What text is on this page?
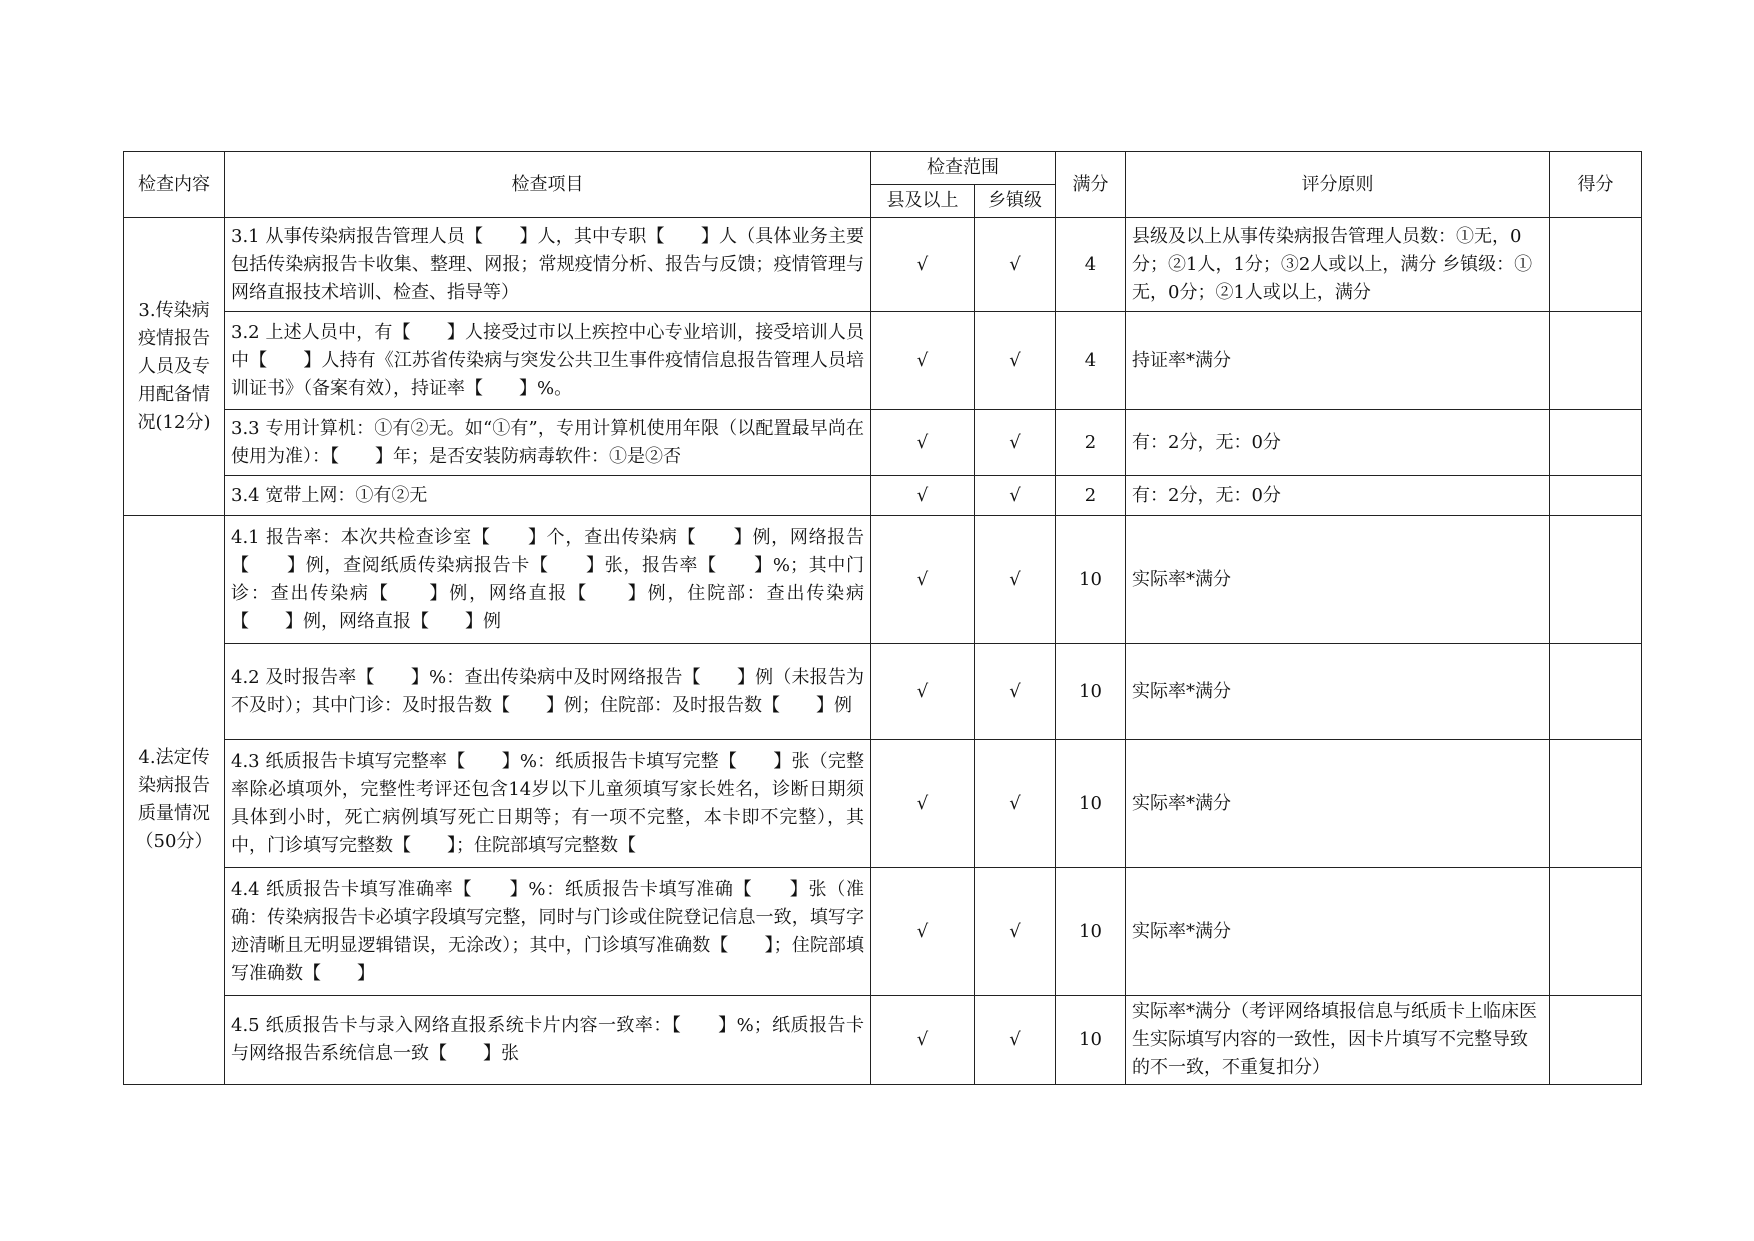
检查内容	检查项目	检查范围		满分	评分原则	得分
		县及以上	乡镇级			
3.传染病疫情报告人员及专用配备情况(12分)	3.1 从事传染病报告管理人员【　　】人，其中专职【　　】人（具体业务主要包括传染病报告卡收集、整理、网报；常规疫情分析、报告与反馈；疫情管理与网络直报技术培训、检查、指导等）	√	√	4	县级及以上从事传染病报告管理人员数：①无，0分；②1人，1分；③2人或以上，满分 乡镇级：①无，0分；②1人或以上，满分	
	3.2 上述人员中，有【　　】人接受过市以上疾控中心专业培训，接受培训人员中【　　】人持有《江苏省传染病与突发公共卫生事件疫情信息报告管理人员培训证书》（备案有效），持证率【　　】%。	√	√	4	持证率*满分	
	3.3 专用计算机：①有②无。如“①有”，专用计算机使用年限（以配置最早尚在使用为准）：【　　】年；是否安装防病毒软件：①是②否	√	√	2	有：2分，无：0分	
	3.4 宽带上网：①有②无	√	√	2	有：2分，无：0分	
4.法定传染病报告质量情况（50分）	4.1 报告率：本次共检查诊室【　　】个，查出传染病【　　】例，网络报告【　　】例，查阅纸质传染病报告卡【　　】张，报告率【　　】%；其中门诊：查出传染病【　　】例，网络直报【　　】例，住院部：查出传染病【　　】例，网络直报【　　】例	√	√	10	实际率*满分	
	4.2 及时报告率【　　】%：查出传染病中及时网络报告【　　】例（未报告为不及时）；其中门诊：及时报告数【　　】例；住院部：及时报告数【　　】例	√	√	10	实际率*满分	
	4.3 纸质报告卡填写完整率【　　】%：纸质报告卡填写完整【　　】张（完整率除必填项外，完整性考评还包含14岁以下儿童须填写家长姓名，诊断日期须具体到小时，死亡病例填写死亡日期等；有一项不完整，本卡即不完整），其中，门诊填写完整数【　　】；住院部填写完整数【	√	√	10	实际率*满分	
	4.4 纸质报告卡填写准确率【　　】%：纸质报告卡填写准确【　　】张（准确：传染病报告卡必填字段填写完整，同时与门诊或住院登记信息一致，填写字迹清晰且无明显逻辑错误，无涂改）；其中，门诊填写准确数【　　】；住院部填写准确数【　　】	√	√	10	实际率*满分	
	4.5 纸质报告卡与录入网络直报系统卡片内容一致率：【　　】%；纸质报告卡与网络报告系统信息一致【　　】张	√	√	10	实际率*满分（考评网络填报信息与纸质卡上临床医生实际填写内容的一致性，因卡片填写不完整导致的不一致，不重复扣分）	
